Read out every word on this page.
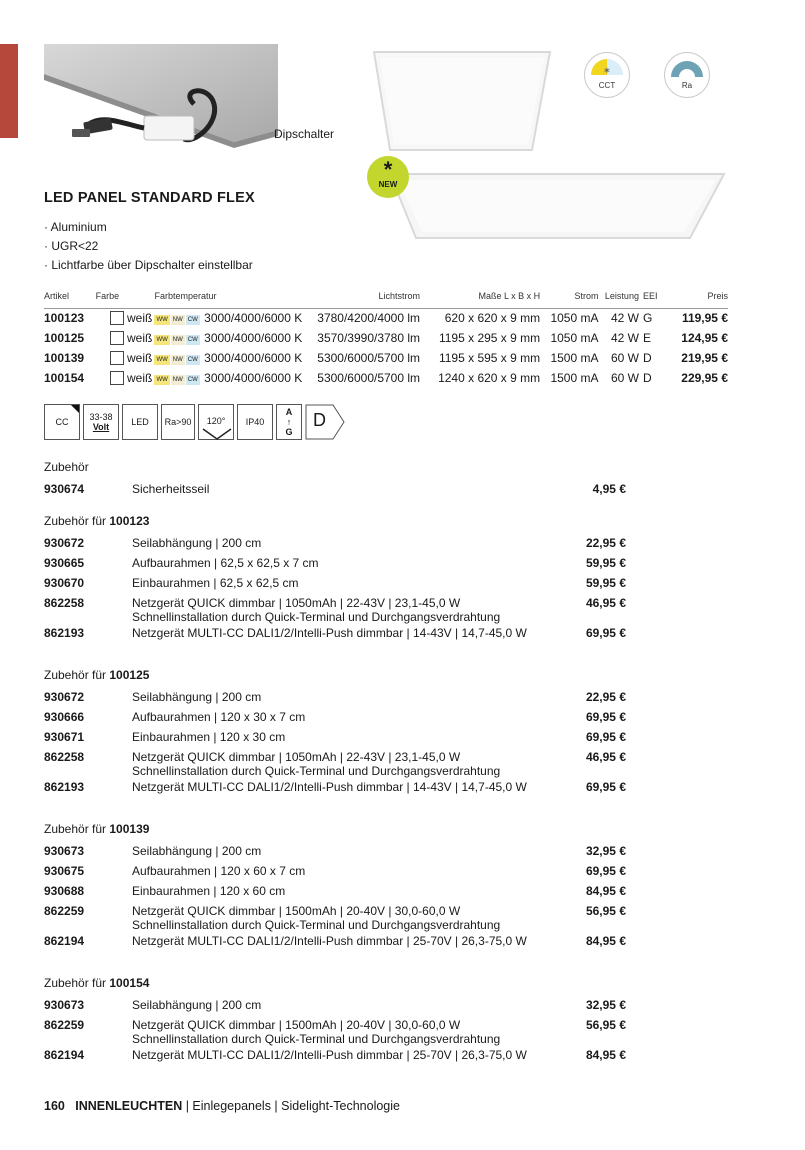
Dipschalter
✶
CCT	Ra
*
NEW
LED PANEL STANDARD FLEX
· Aluminium
· UGR<22
· Lichtfarbe über Dipschalter einstellbar
Artikel	Farbe	Farbtemperatur	Lichtstrom	Maße L x B x H	Strom	Leistung	EEI	Preis
100123	weiß	WW NW CW 3000/4000/6000 K	3780/4200/4000 lm	620 x 620 x 9 mm	1050 mA	42 W	G	119,95 €
100125	weiß	WW NW CW 3000/4000/6000 K	3570/3990/3780 lm	1195 x 295 x 9 mm	1050 mA	42 W	E	124,95 €
100139	weiß	WW NW CW 3000/4000/6000 K	5300/6000/5700 lm	1195 x 595 x 9 mm	1500 mA	60 W	D	219,95 €
100154	weiß	WW NW CW 3000/4000/6000 K	5300/6000/5700 lm	1240 x 620 x 9 mm	1500 mA	60 W	D	229,95 €
CC 33-38
Volt LED Ra>90	120°	IP40
A
↑
G
D
Zubehör
930674	Sicherheitsseil	4,95 €
Zubehör für 100123
930672	Seilabhängung | 200 cm	22,95 €
930665	Aufbaurahmen | 62,5 x 62,5 x 7 cm	59,95 €
930670	Einbaurahmen | 62,5 x 62,5 cm	59,95 €
862258	Netzgerät QUICK dimmbar | 1050mAh | 22-43V | 23,1-45,0 W
Schnellinstallation durch Quick-Terminal und Durchgangsverdrahtung
46,95 €
862193	Netzgerät MULTI-CC DALI1/2/Intelli-Push dimmbar | 14-43V | 14,7-45,0 W	69,95 €
Zubehör für 100125
930672	Seilabhängung | 200 cm	22,95 €
930666	Aufbaurahmen | 120 x 30 x 7 cm	69,95 €
930671	Einbaurahmen | 120 x 30 cm	69,95 €
862258	Netzgerät QUICK dimmbar | 1050mAh | 22-43V | 23,1-45,0 W
Schnellinstallation durch Quick-Terminal und Durchgangsverdrahtung
46,95 €
862193	Netzgerät MULTI-CC DALI1/2/Intelli-Push dimmbar | 14-43V | 14,7-45,0 W	69,95 €
Zubehör für 100139
930673	Seilabhängung | 200 cm	32,95 €
930675	Aufbaurahmen | 120 x 60 x 7 cm	69,95 €
930688	Einbaurahmen | 120 x 60 cm	84,95 €
862259	Netzgerät QUICK dimmbar | 1500mAh | 20-40V | 30,0-60,0 W
Schnellinstallation durch Quick-Terminal und Durchgangsverdrahtung
56,95 €
862194	Netzgerät MULTI-CC DALI1/2/Intelli-Push dimmbar | 25-70V | 26,3-75,0 W	84,95 €
Zubehör für 100154
930673	Seilabhängung | 200 cm	32,95 €
862259	Netzgerät QUICK dimmbar | 1500mAh | 20-40V | 30,0-60,0 W
Schnellinstallation durch Quick-Terminal und Durchgangsverdrahtung
56,95 €
862194	Netzgerät MULTI-CC DALI1/2/Intelli-Push dimmbar | 25-70V | 26,3-75,0 W	84,95 €
160 INNENLEUCHTEN | Einlegepanels | Sidelight-Technologie
